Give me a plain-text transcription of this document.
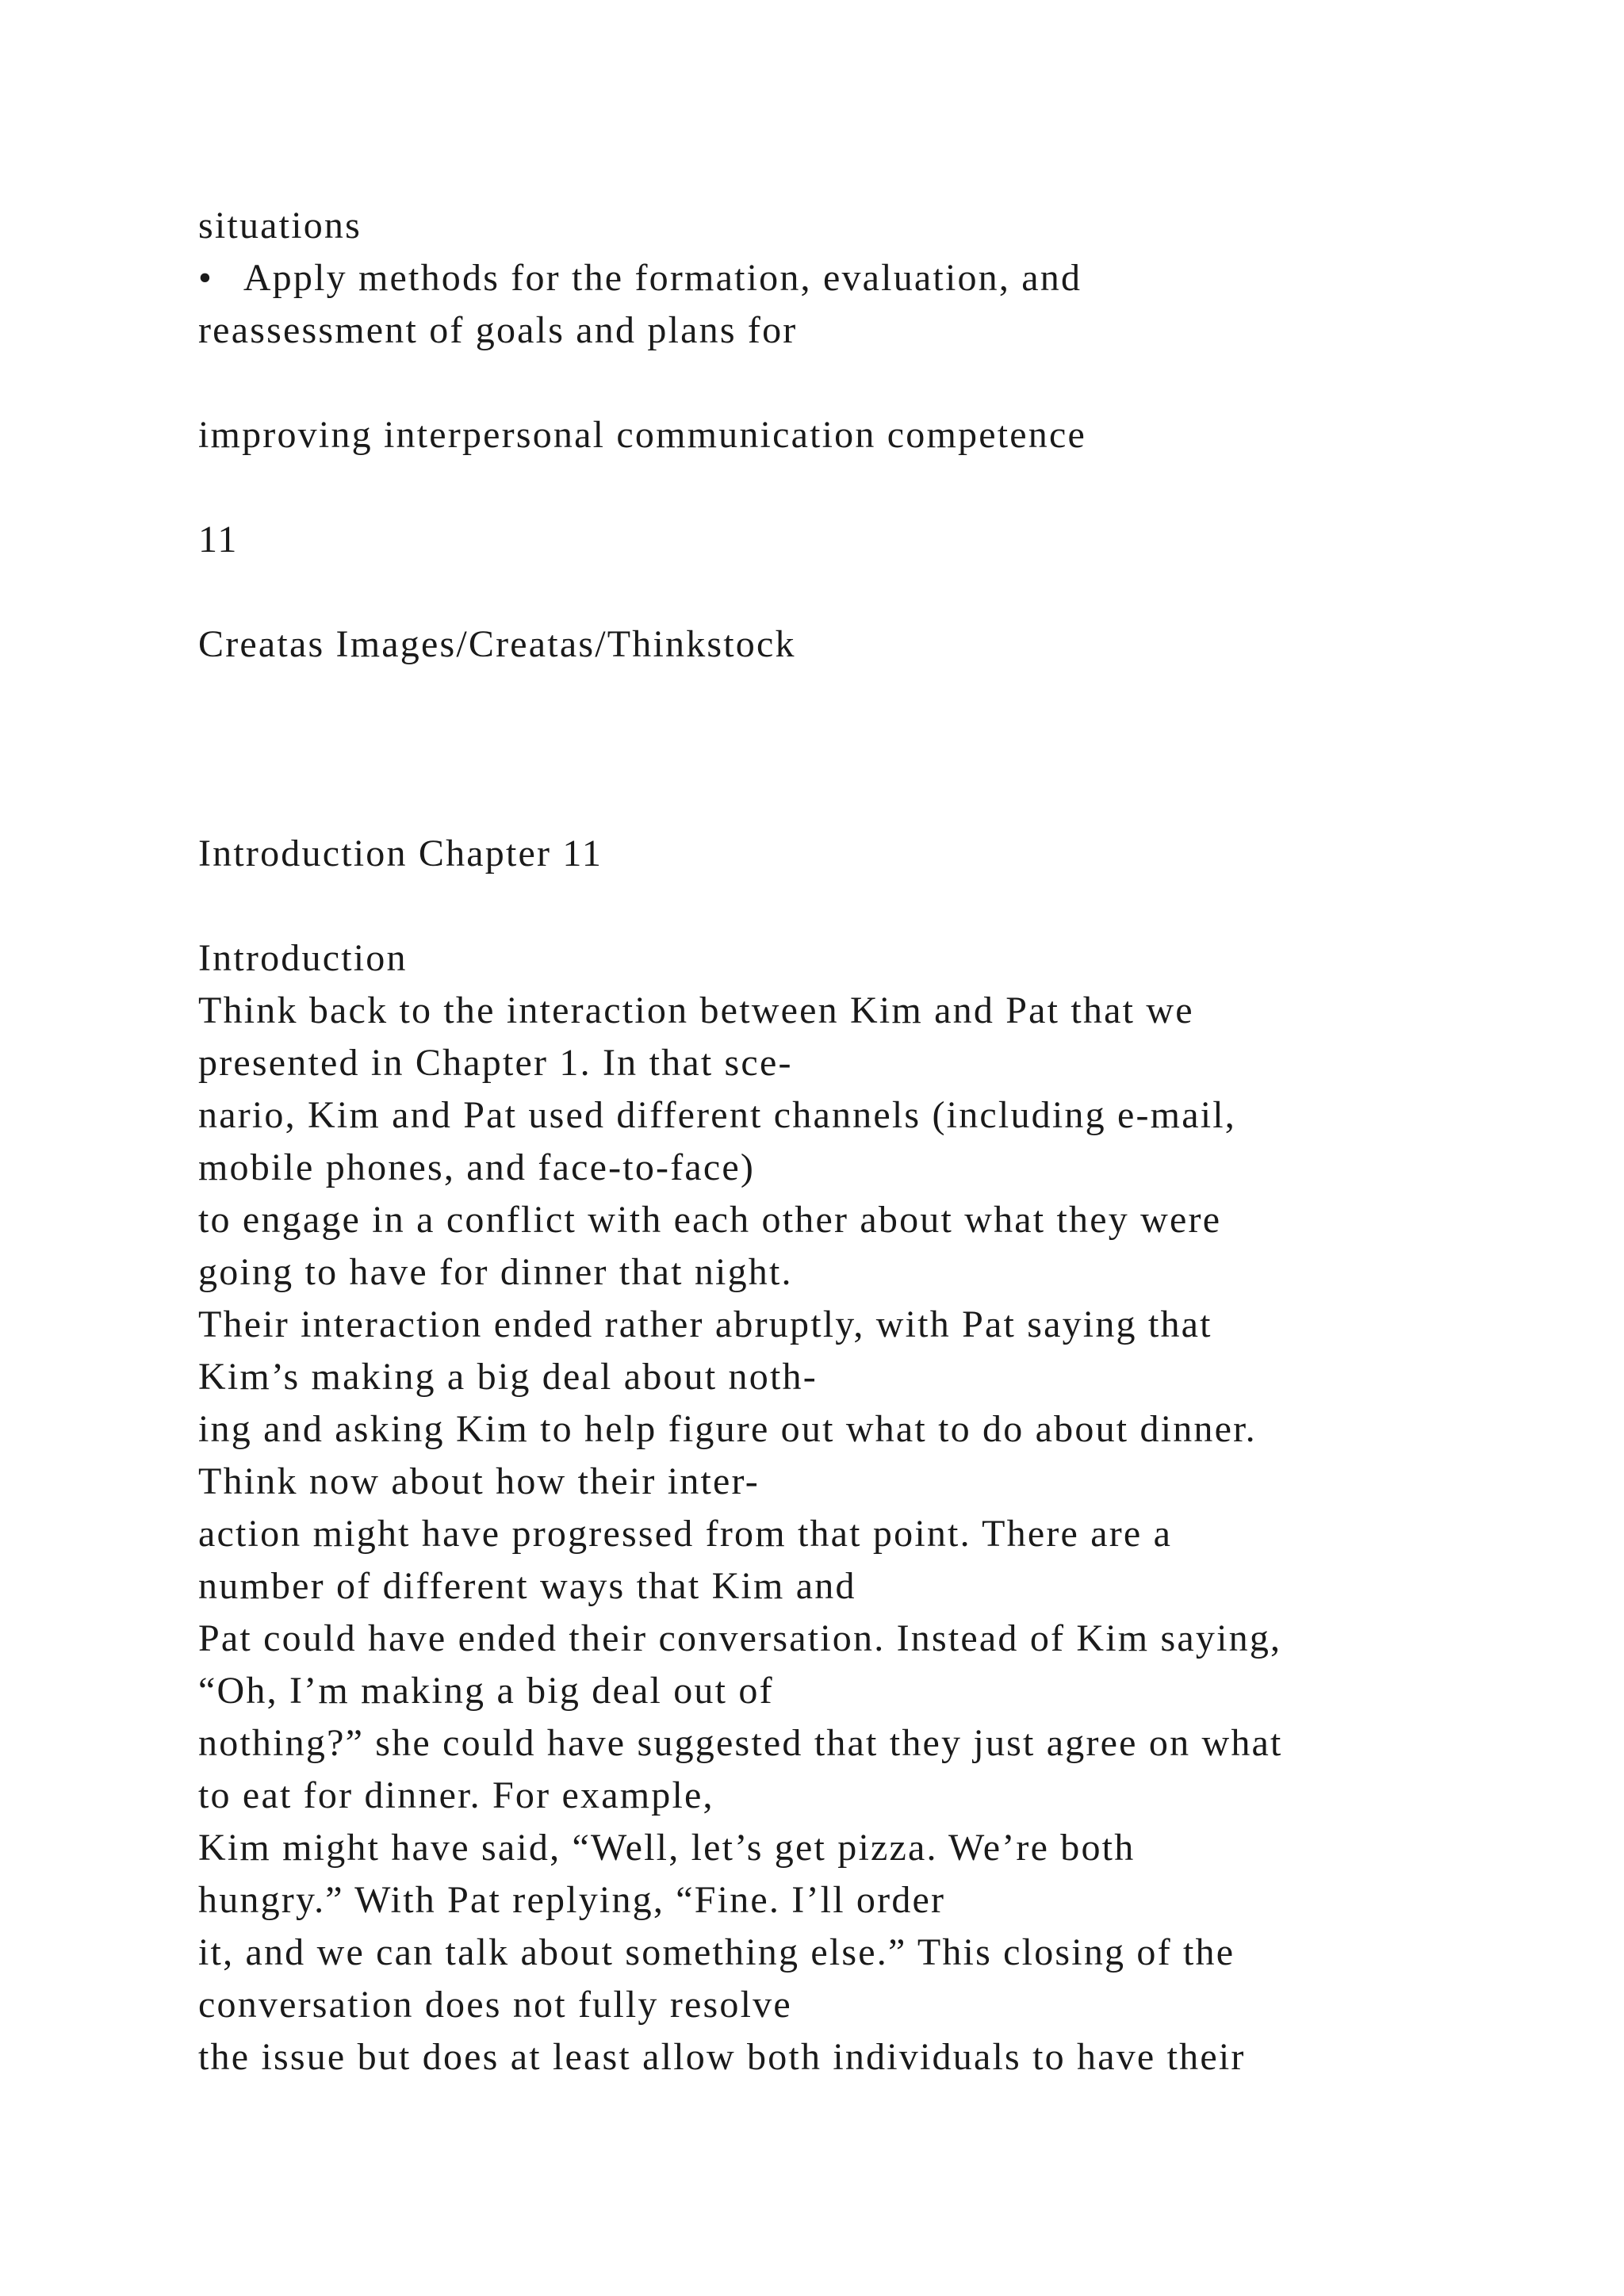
situations
•	Apply methods for the formation, evaluation, and
reassessment of goals and plans for
improving interpersonal communication competence
11
Creatas Images/Creatas/Thinkstock
Introduction Chapter 11
Introduction
Think back to the interaction between Kim and Pat that we
presented in Chapter 1. In that sce-
nario, Kim and Pat used different channels (including e-mail,
mobile phones, and face-to-face)
to engage in a conflict with each other about what they were
going to have for dinner that night.
Their interaction ended rather abruptly, with Pat saying that
Kim’s making a big deal about noth-
ing and asking Kim to help figure out what to do about dinner.
Think now about how their inter-
action might have progressed from that point. There are a
number of different ways that Kim and
Pat could have ended their conversation. Instead of Kim saying,
“Oh, I’m making a big deal out of
nothing?” she could have suggested that they just agree on what
to eat for dinner. For example,
Kim might have said, “Well, let’s get pizza. We’re both
hungry.” With Pat replying, “Fine. I’ll order
it, and we can talk about something else.” This closing of the
conversation does not fully resolve
the issue but does at least allow both individuals to have their
